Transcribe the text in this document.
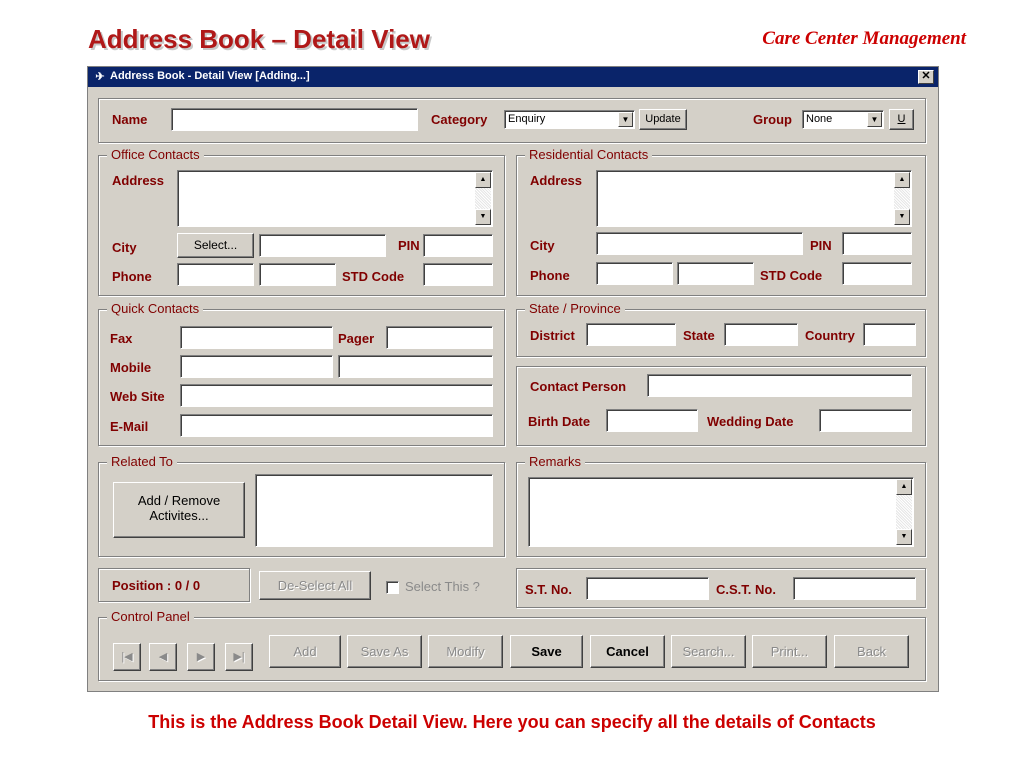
Address Book – Detail View	Care Center Management
✈ Address Book - Detail View [Adding...]	✕
Name	Category Enquiry	▼	Update	Group None	▼	U
Office Contacts
Address	▲
▼
City	Select...	PIN
Phone	STD Code
Residential Contacts
Address	▲
▼
City	PIN
Phone	STD Code
Quick Contacts
Fax	Pager
Mobile
Web Site
E-Mail
State / Province
District	State	Country
Contact Person
Birth Date	Wedding Date
Related To
Add / Remove
Activites...
Remarks
▲
▼
Position : 0 / 0	De-Select All	Select This ?	S.T. No.	C.S.T. No.
Control Panel
|◀	◀	▶	▶|	Add	Save As	Modify	Save	Cancel	Search...	Print...	Back
This is the Address Book Detail View. Here you can specify all the details of Contacts
